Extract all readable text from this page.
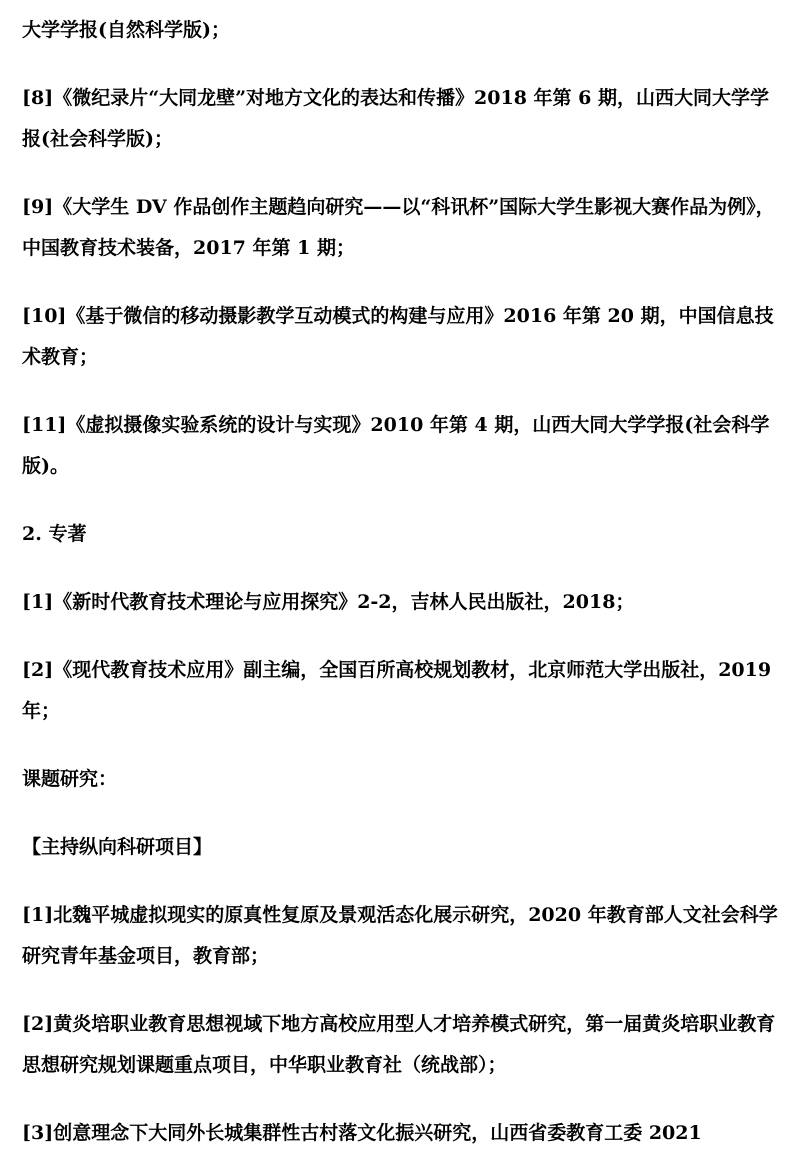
大学学报(自然科学版)；

[8]《微纪录片“大同龙壁”对地方文化的表达和传播》2018 年第 6 期，山西大同大学学报(社会科学版)；

[9]《大学生 DV 作品创作主题趋向研究——以“科讯杯”国际大学生影视大赛作品为例》，中国教育技术装备，2017 年第 1 期；

[10]《基于微信的移动摄影教学互动模式的构建与应用》2016 年第 20 期，中国信息技术教育；

[11]《虚拟摄像实验系统的设计与实现》2010 年第 4 期，山西大同大学学报(社会科学版)。

2. 专著

[1]《新时代教育技术理论与应用探究》2-2，吉林人民出版社，2018；

[2]《现代教育技术应用》副主编，全国百所高校规划教材，北京师范大学出版社，2019 年；

课题研究：

【主持纵向科研项目】

[1]北魏平城虚拟现实的原真性复原及景观活态化展示研究，2020 年教育部人文社会科学研究青年基金项目，教育部；

[2]黄炎培职业教育思想视域下地方高校应用型人才培养模式研究，第一届黄炎培职业教育思想研究规划课题重点项目，中华职业教育社（统战部）；

[3]创意理念下大同外长城集群性古村落文化振兴研究，山西省委教育工委 2021
